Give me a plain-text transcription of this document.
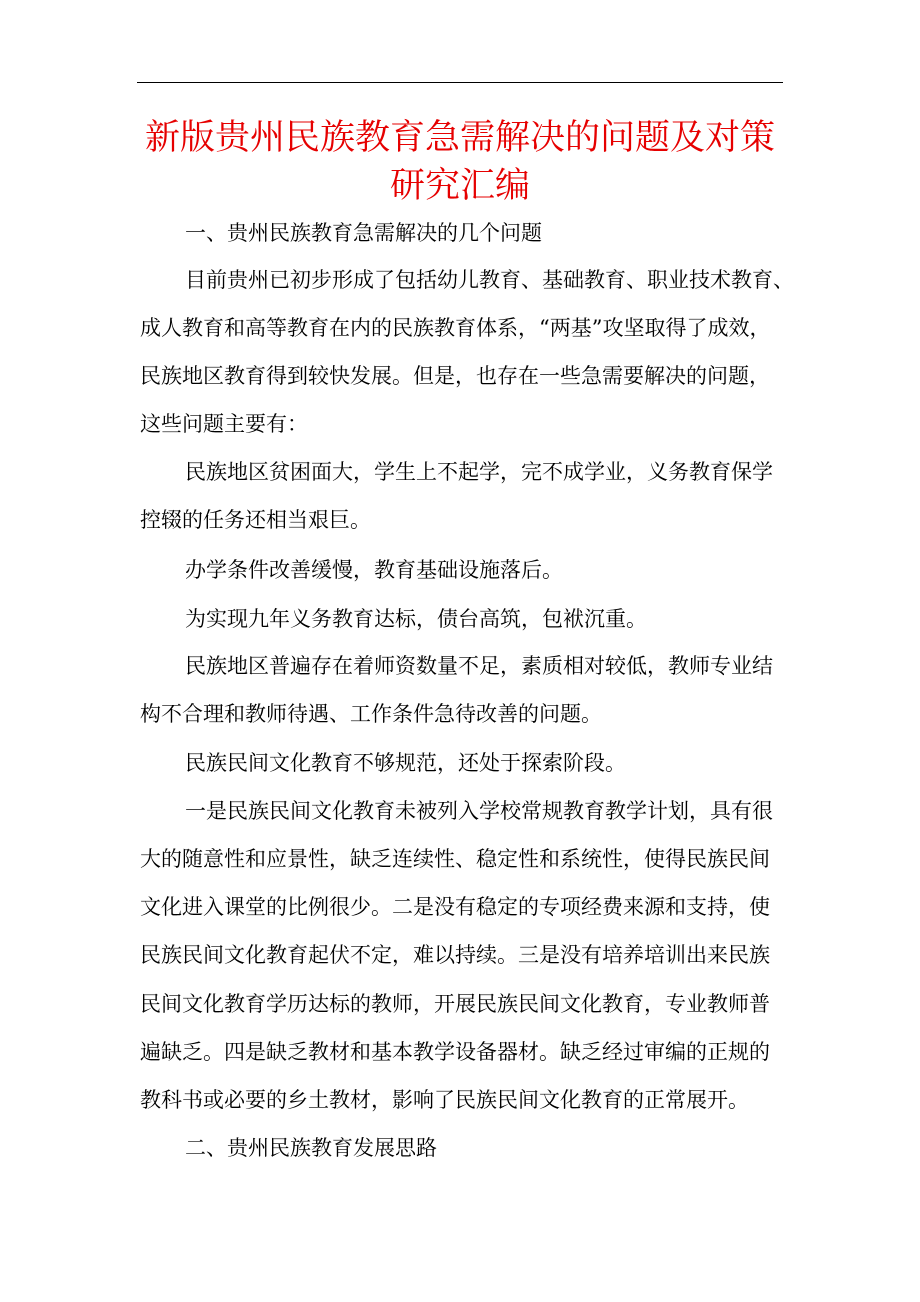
新版贵州民族教育急需解决的问题及对策
研究汇编
一、贵州民族教育急需解决的几个问题
目前贵州已初步形成了包括幼儿教育、基础教育、职业技术教育、
成人教育和高等教育在内的民族教育体系，“两基”攻坚取得了成效，
民族地区教育得到较快发展。但是，也存在一些急需要解决的问题，
这些问题主要有：
民族地区贫困面大，学生上不起学，完不成学业，义务教育保学
控辍的任务还相当艰巨。
办学条件改善缓慢，教育基础设施落后。
为实现九年义务教育达标，债台高筑，包袱沉重。
民族地区普遍存在着师资数量不足，素质相对较低，教师专业结
构不合理和教师待遇、工作条件急待改善的问题。
民族民间文化教育不够规范，还处于探索阶段。
一是民族民间文化教育未被列入学校常规教育教学计划，具有很
大的随意性和应景性，缺乏连续性、稳定性和系统性，使得民族民间
文化进入课堂的比例很少。二是没有稳定的专项经费来源和支持，使
民族民间文化教育起伏不定，难以持续。三是没有培养培训出来民族
民间文化教育学历达标的教师，开展民族民间文化教育，专业教师普
遍缺乏。四是缺乏教材和基本教学设备器材。缺乏经过审编的正规的
教科书或必要的乡土教材，影响了民族民间文化教育的正常展开。
二、贵州民族教育发展思路
